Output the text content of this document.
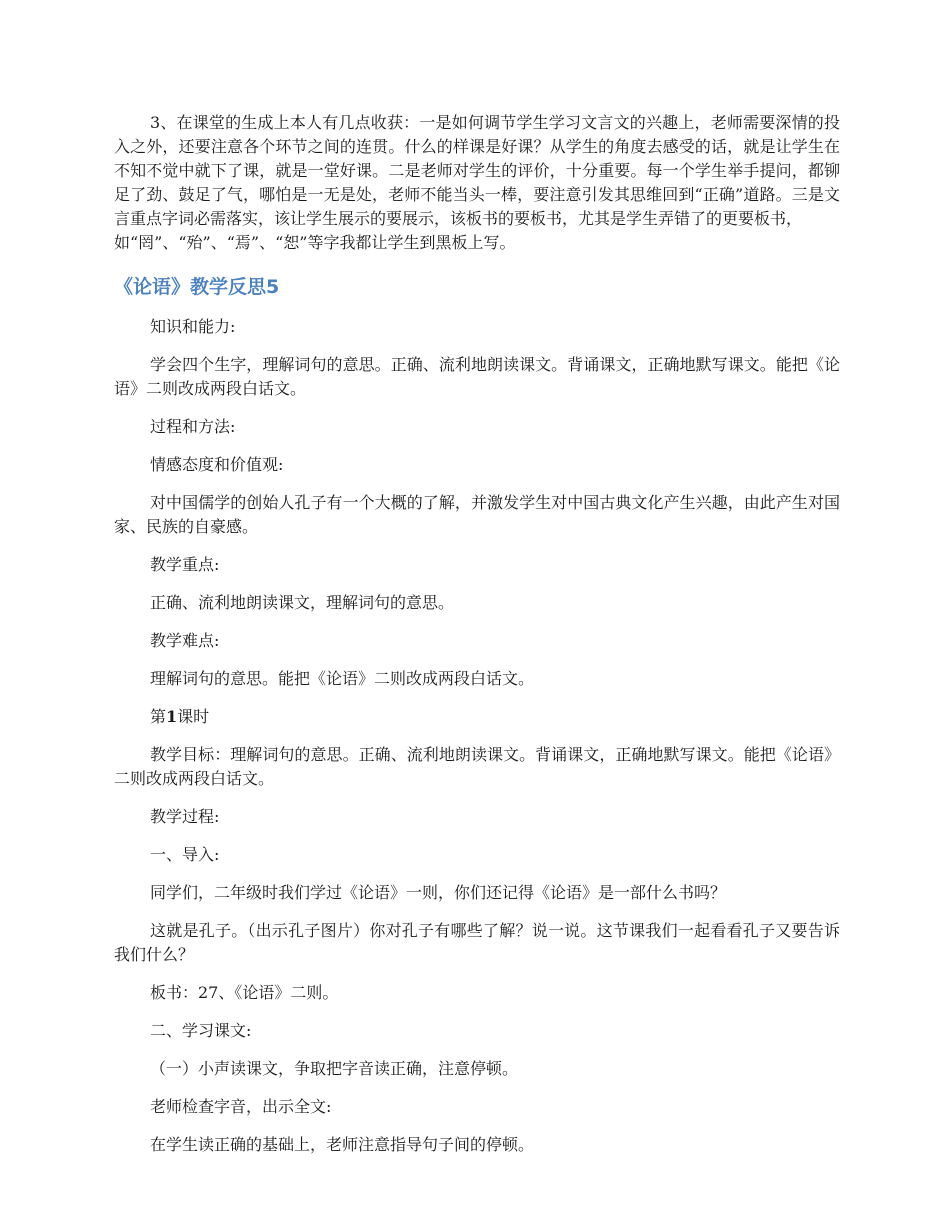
3、在课堂的生成上本人有几点收获：一是如何调节学生学习文言文的兴趣上，老师需要深情的投入之外，还要注意各个环节之间的连贯。什么的样课是好课？从学生的角度去感受的话，就是让学生在不知不觉中就下了课，就是一堂好课。二是老师对学生的评价，十分重要。每一个学生举手提问，都铆足了劲、鼓足了气，哪怕是一无是处，老师不能当头一棒，要注意引发其思维回到“正确”道路。三是文言重点字词必需落实，该让学生展示的要展示，该板书的要板书，尤其是学生弄错了的更要板书，
如“罔”、“殆”、“焉”、“恕”等字我都让学生到黑板上写。

《论语》教学反思5

知识和能力:

学会四个生字，理解词句的意思。正确、流利地朗读课文。背诵课文，正确地默写课文。能把《论语》二则改成两段白话文。

过程和方法:

情感态度和价值观:

对中国儒学的创始人孔子有一个大概的了解，并激发学生对中国古典文化产生兴趣，由此产生对国家、民族的自豪感。

教学重点:

正确、流利地朗读课文，理解词句的意思。

教学难点:

理解词句的意思。能把《论语》二则改成两段白话文。

第1课时

教学目标：理解词句的意思。正确、流利地朗读课文。背诵课文，正确地默写课文。能把《论语》二则改成两段白话文。

教学过程:

一、导入:

同学们，二年级时我们学过《论语》一则，你们还记得《论语》是一部什么书吗？

这就是孔子。（出示孔子图片）你对孔子有哪些了解？说一说。这节课我们一起看看孔子又要告诉我们什么？

板书：27、《论语》二则。

二、学习课文:

（一）小声读课文，争取把字音读正确，注意停顿。

老师检查字音，出示全文:

在学生读正确的基础上，老师注意指导句子间的停顿。
